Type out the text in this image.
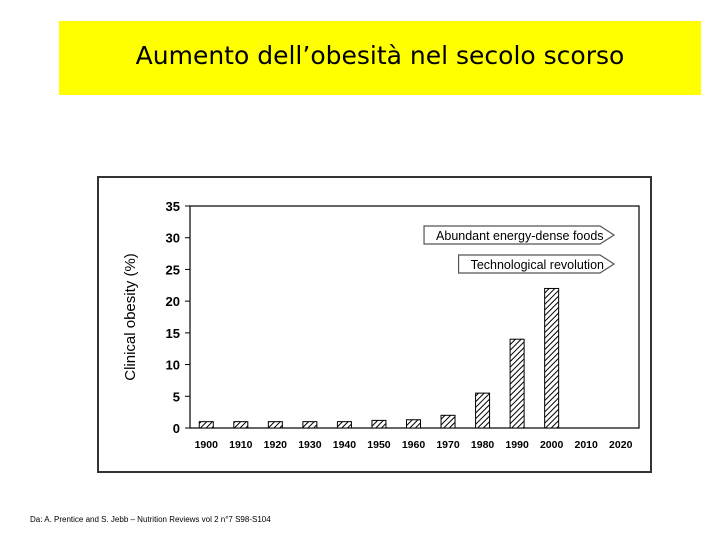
Aumento dell’obesità nel secolo scorso
0
5
10
15
20
25
30
35
Clinical obesity (%)
1900 1910 1920 1930 1940 1950 1960 1970 1980 1990 2000 2010 2020
Abundant energy-dense foods
Technological revolution
Da: A. Prentice and S. Jebb – Nutrition Reviews vol 2 n°7 S98-S104
